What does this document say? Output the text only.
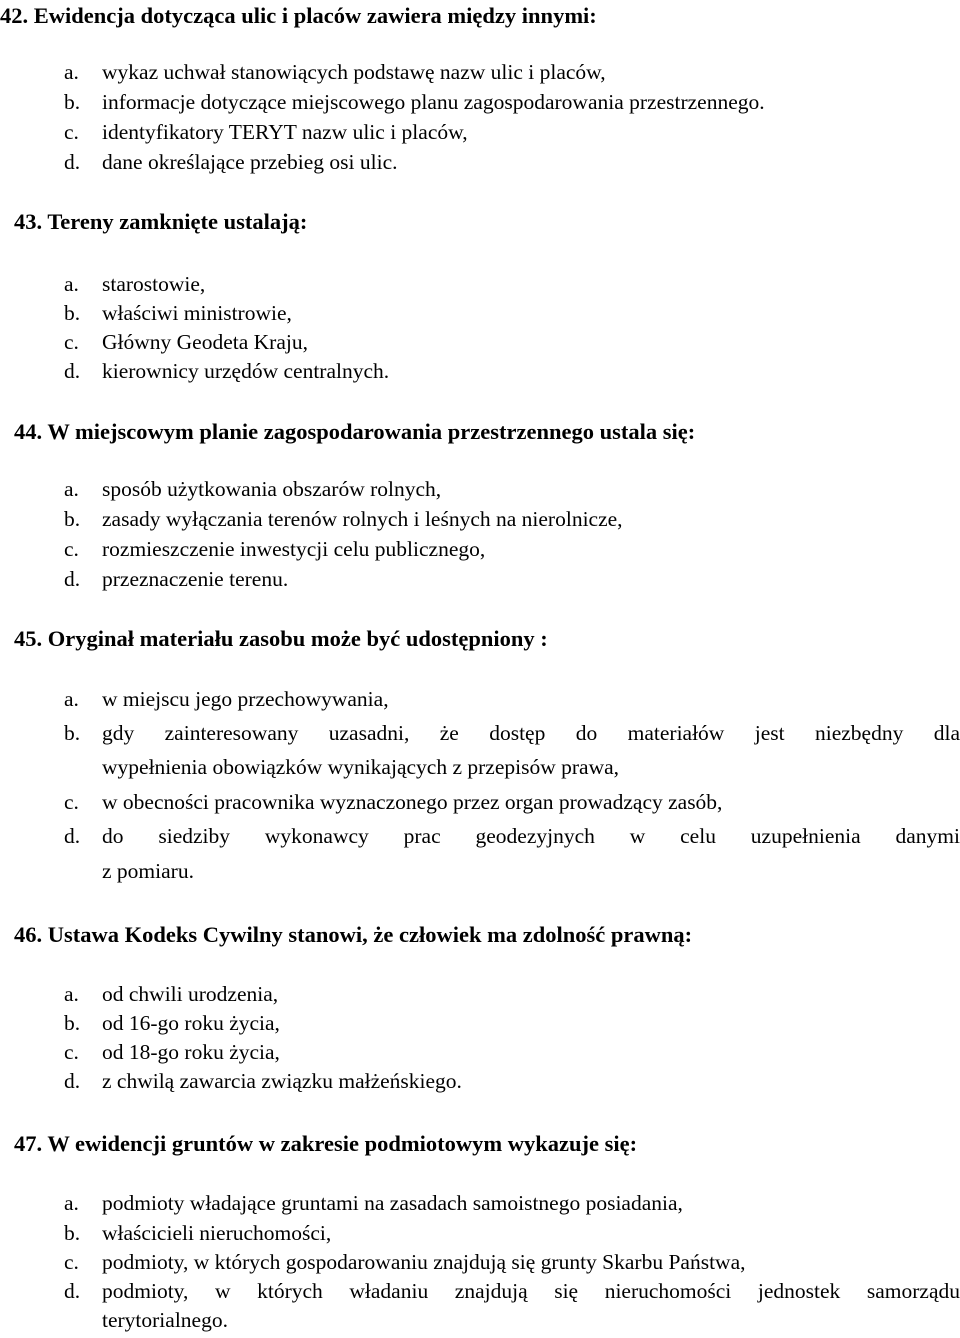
42. Ewidencja dotycząca ulic i placów zawiera między innymi:
a. wykaz uchwał stanowiących podstawę nazw ulic i placów,
b. informacje dotyczące miejscowego planu zagospodarowania przestrzennego.
c. identyfikatory TERYT nazw ulic i placów,
d. dane określające przebieg osi ulic.
43. Tereny zamknięte ustalają:
a. starostowie,
b. właściwi ministrowie,
c. Główny Geodeta Kraju,
d. kierownicy urzędów centralnych.
44. W miejscowym planie zagospodarowania przestrzennego ustala się:
a. sposób użytkowania obszarów rolnych,
b. zasady wyłączania terenów rolnych i leśnych na nierolnicze,
c. rozmieszczenie inwestycji celu publicznego,
d. przeznaczenie terenu.
45. Oryginał materiału zasobu może być udostępniony :
a. w miejscu jego przechowywania,
b. gdy zainteresowany uzasadni, że dostęp do materiałów jest niezbędny dla
wypełnienia obowiązków wynikających z przepisów prawa,
c. w obecności pracownika wyznaczonego przez organ prowadzący zasób,
d. do siedziby wykonawcy prac geodezyjnych w celu uzupełnienia danymi
z pomiaru.
46. Ustawa Kodeks Cywilny stanowi, że człowiek ma zdolność prawną:
a. od chwili urodzenia,
b. od 16-go roku życia,
c. od 18-go roku życia,
d. z chwilą zawarcia związku małżeńskiego.
47. W ewidencji gruntów w zakresie podmiotowym wykazuje się:
a. podmioty władające gruntami na zasadach samoistnego posiadania,
b. właścicieli nieruchomości,
c. podmioty, w których gospodarowaniu znajdują się grunty Skarbu Państwa,
d. podmioty, w których władaniu znajdują się nieruchomości jednostek samorządu
terytorialnego.
